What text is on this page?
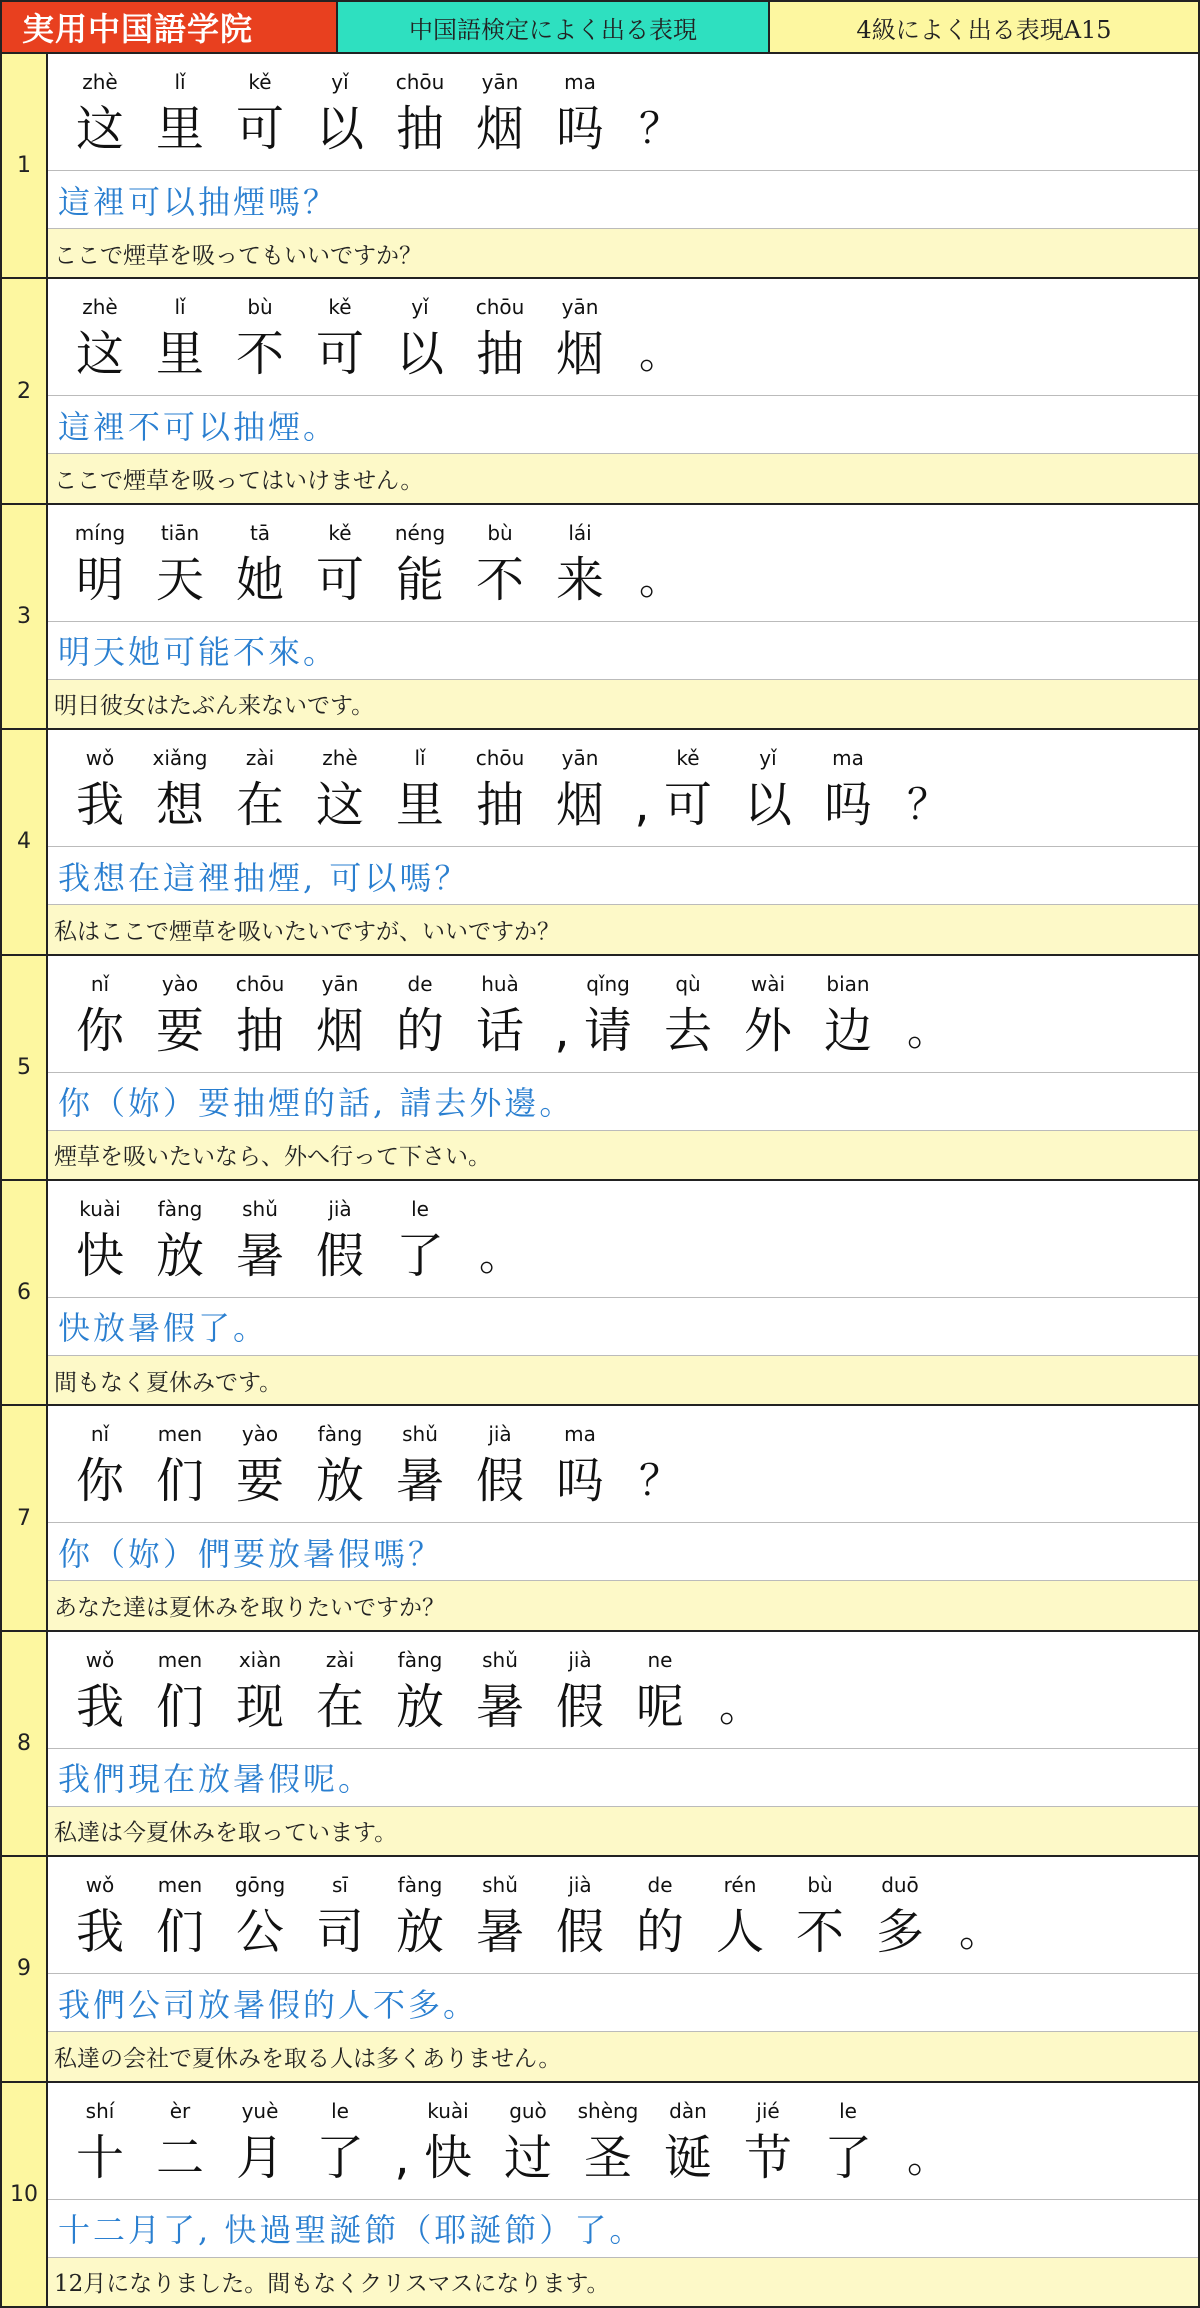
実用中国語学院	中国語検定によく出る表現	4級によく出る表現A15
1
zhè
这
lǐ
里
kě
可
yǐ
以
chōu
抽
yān
烟
ma
吗 ？
這裡可以抽煙嗎？
ここで煙草を吸ってもいいですか？
2
zhè
这
lǐ
里
bù
不
kě
可
yǐ
以
chōu
抽
yān
烟 。
這裡不可以抽煙。
ここで煙草を吸ってはいけません。
3
míng
明
tiān
天
tā
她
kě
可
néng
能
bù
不
lái
来 。
明天她可能不來。
明日彼女はたぶん来ないです。
4
wǒ
我
xiǎng
想
zài
在
zhè
这
lǐ
里
chōu
抽
yān
烟 ,
kě
可
yǐ
以
ma
吗 ？
我想在這裡抽煙, 可以嗎？
私はここで煙草を吸いたいですが、いいですか？
5
nǐ
你
yào
要
chōu
抽
yān
烟
de
的
huà
话 ,
qǐng
请
qù
去
wài
外
bian
边 。
你（妳）要抽煙的話, 請去外邊。
煙草を吸いたいなら、外へ行って下さい。
6
kuài
快
fàng
放
shǔ
暑
jià
假
le
了 。
快放暑假了。
間もなく夏休みです。
7
nǐ
你
men
们
yào
要
fàng
放
shǔ
暑
jià
假
ma
吗 ？
你（妳）們要放暑假嗎？
あなた達は夏休みを取りたいですか？
8
wǒ
我
men
们
xiàn
现
zài
在
fàng
放
shǔ
暑
jià
假
ne
呢 。
我們現在放暑假呢。
私達は今夏休みを取っています。
9
wǒ
我
men
们
gōng
公
sī
司
fàng
放
shǔ
暑
jià
假
de
的
rén
人
bù
不
duō
多 。
我們公司放暑假的人不多。
私達の会社で夏休みを取る人は多くありません。
10
shí
十
èr
二
yuè
月
le
了 ,
kuài
快
guò
过
shèng
圣
dàn
诞
jié
节
le
了 。
十二月了, 快過聖誕節（耶誕節）了。
12月になりました。間もなくクリスマスになります。
